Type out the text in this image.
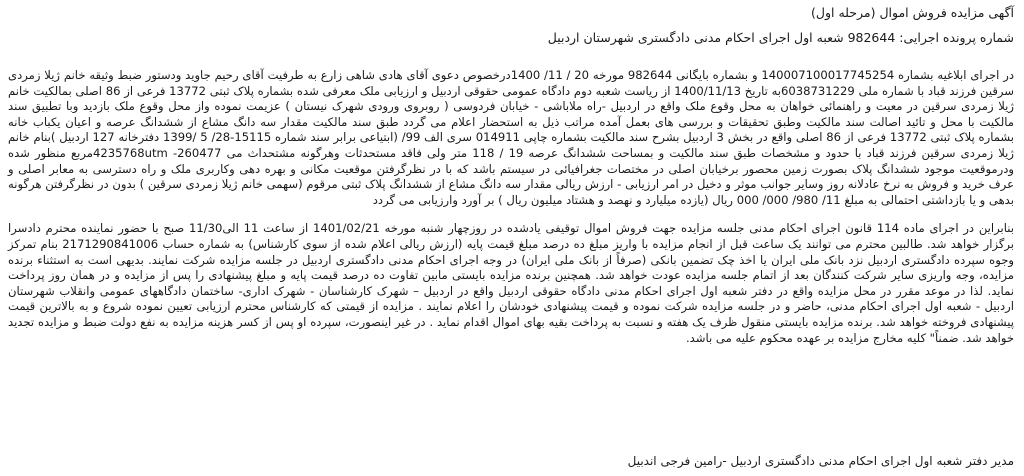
آگهی مزایده فروش اموال (مرحله اول)
شماره پرونده اجرایی: 982644 شعبه اول اجرای احکام مدنی دادگستری شهرستان اردبیل

در اجرای ابلاغیه بشماره 140007100017745254 و بشماره بایگانی 982644 مورخه 20 / 11/ 1400درخصوص دعوی آقای هادی شاهی زارع به طرفیت آقای رحیم جاوید ودستور ضبط وثیقه خانم ژیلا زمردی سرقین فرزند قباد با شماره ملی 6038731229به تاریخ 1400/11/13 از ریاست شعبه دوم دادگاه عمومی حقوقی اردبیل و ارزیابی ملک معرفی شده بشماره پلاک ثبتی 13772 فرعی از 86 اصلی بمالکیت خانم ژیلا زمردی سرقین در معیت و راهنمائی خواهان به محل وقوع ملک واقع در اردبیل -راه ملاباشی - خیابان فردوسی ( روبروی ورودی شهرک نیستان ) عزیمت نموده واز محل وقوع ملک بازدید وبا تطبیق سند مالکیت با محل و تائید اصالت سند مالکیت وطبق تحقیقات و بررسی های بعمل آمده مراتب ذیل به استحضار اعلام می گردد طبق سند مالکیت مقدار سه دانگ مشاع از ششدانگ عرصه و اعیان یکباب خانه بشماره پلاک ثبتی 13772 فرعی از 86 اصلی واقع در بخش 3 اردبیل بشرح سند مالکیت بشماره چاپی 014911 سری الف 99/ (ابتیاعی برابر سند شماره 15115-28/ 5 /1399 دفترخانه 127 اردبیل )بنام خانم ژیلا زمردی سرقین فرزند قباد با حدود و مشخصات طبق سند مالکیت و بمساحت ششدانگ عرصه 19 / 118 متر ولی فاقد مستحدثات وهرگونه مشتحداث می 260477- 4235768utmمربع منظور شده ودرموقعیت موجود ششدانگ پلاک بصورت زمین محصور برخیابان اصلی در مختصات جغرافیائی در سیستم باشد که با در نظرگرفتن موقعیت مکانی و بهره دهی وکاربری ملک و راه دسترسی به معابر اصلی و عرف خرید و فروش به نرخ عادلانه روز وسایر جوانب موثر و دخیل در امر ارزیابی - ارزش ریالی مقدار سه دانگ مشاع از ششدانگ پلاک ثبتی مرقوم (سهمی خانم ژیلا زمردی سرقین ) بدون در نظرگرفتن هرگونه بدهی و یا بازداشتی احتمالی به مبلغ 11/ 980/ 000/ 000 ریال (یازده میلیارد و نهصد و هشتاد میلیون ریال ) بر آورد وارزیابی می گردد

بنابراین در اجرای ماده 114 قانون اجرای احکام مدنی جلسه مزایده جهت فروش اموال توقیفی یادشده در روزچهار شنبه مورخه 1401/02/21 از ساعت 11 الی11/30 صبح با حضور نماینده محترم دادسرا برگزار خواهد شد. طالبین محترم می توانند یک ساعت قبل از انجام مزایده با واریز مبلغ ده درصد مبلغ قیمت پایه (ارزش ریالی اعلام شده از سوی کارشناس) به شماره حساب 2171290841006 بنام تمرکز وجوه سپرده دادگستری اردبیل نزد بانک ملی ایران یا اخذ چک تضمین بانکی (صرفاً از بانک ملی ایران) در وجه اجرای احکام مدنی دادگستری اردبیل در جلسه مزایده شرکت نمایند. بدیهی است به استثناء برنده مزایده، وجه واریزی سایر شرکت کنندگان بعد از اتمام جلسه مزایده عودت خواهد شد. همچنین برنده مزایده بایستی مابین تفاوت ده درصد قیمت پایه و مبلغ پیشنهادی را پس از مزایده و در همان روز پرداخت نماید. لذا در موعد مقرر در محل مزایده واقع در دفتر شعبه اول اجرای احکام مدنی دادگاه حقوقی اردبیل واقع در اردبیل – شهرک کارشناسان - شهرک اداری- ساختمان دادگاههای عمومی وانقلاب شهرستان اردبیل - شعبه اول اجرای احکام مدنی، حاضر و در جلسه مزایده شرکت نموده و قیمت پیشنهادی خودشان را اعلام نمایند . مزایده از قیمتی که کارشناس محترم ارزیابی تعیین نموده شروع و به بالاترین قیمت پیشنهادی فروخته خواهد شد. برنده مزایده بایستی منقول ظرف یک هفته و نسبت به پرداخت بقیه بهای اموال اقدام نماید . در غیر اینصورت، سپرده او پس از کسر هزینه مزایده به نفع دولت ضبط و مزایده تجدید خواهد شد. ضمناً" کلیه مخارج مزایده بر عهده محکوم علیه می باشد.

مدیر دفتر شعبه اول اجرای احکام مدنی دادگستری اردبیل -رامین فرجی اندبیل
